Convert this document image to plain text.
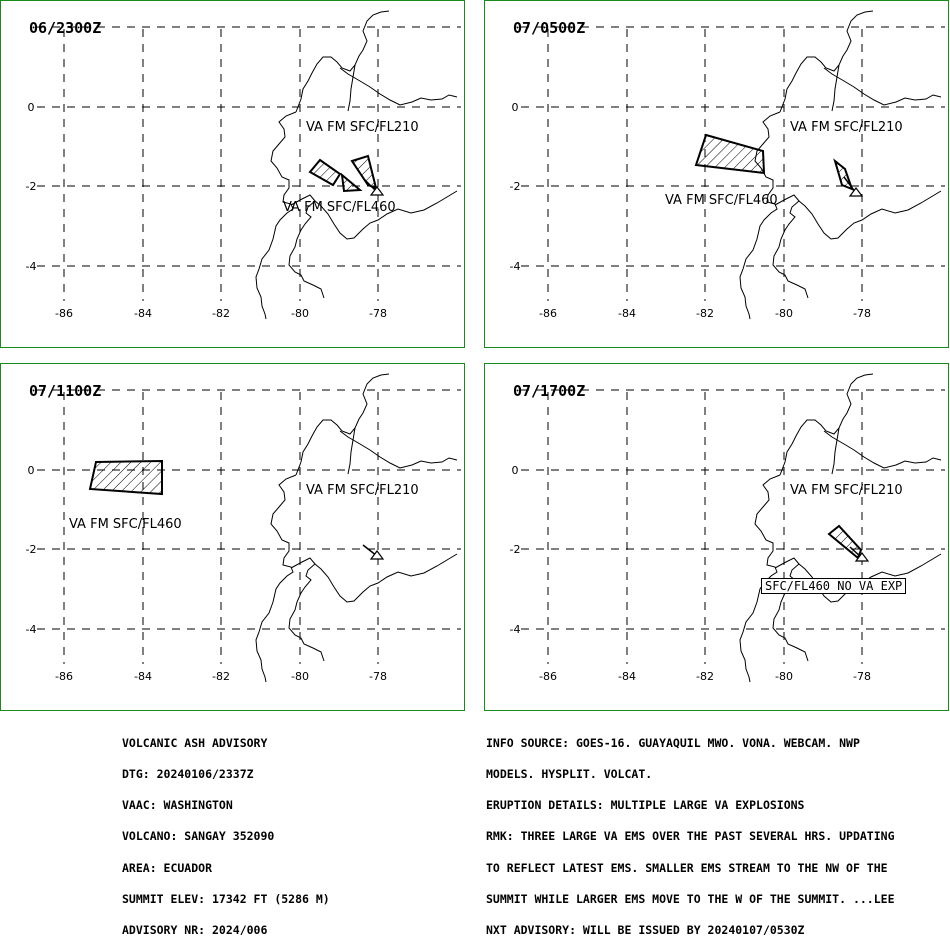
0
-2
-4
-86	-84	-82	-80	-78
06/2300Z
VA FM SFC/FL210
VA FM SFC/FL460
0
-2
-4
-86	-84	-82	-80	-78
07/0500Z
VA FM SFC/FL210
VA FM SFC/FL460
0
-2
-4
-86	-84	-82	-80	-78
07/1100Z
VA FM SFC/FL210
VA FM SFC/FL460
0
-2
-4
-86	-84	-82	-80	-78
07/1700Z
VA FM SFC/FL210
SFC/FL460 NO VA EXP

VOLCANIC ASH ADVISORY

DTG: 20240106/2337Z

VAAC: WASHINGTON

VOLCANO: SANGAY 352090

AREA: ECUADOR

SUMMIT ELEV: 17342 FT (5286 M)

ADVISORY NR: 2024/006

INFO SOURCE: GOES-16. GUAYAQUIL MWO. VONA. WEBCAM. NWP

MODELS. HYSPLIT. VOLCAT.

ERUPTION DETAILS: MULTIPLE LARGE VA EXPLOSIONS

RMK: THREE LARGE VA EMS OVER THE PAST SEVERAL HRS. UPDATING

TO REFLECT LATEST EMS. SMALLER EMS STREAM TO THE NW OF THE

SUMMIT WHILE LARGER EMS MOVE TO THE W OF THE SUMMIT. ...LEE

NXT ADVISORY: WILL BE ISSUED BY 20240107/0530Z
